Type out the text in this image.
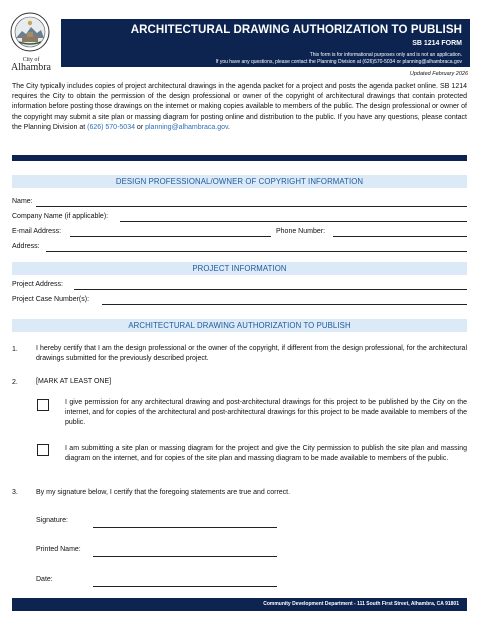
City of
Alhambra
ARCHITECTURAL DRAWING AUTHORIZATION TO PUBLISH
SB 1214 FORM
This form is for informational purposes only and is not an application.
If you have any questions, please contact the Planning Division at (626)570-5034 or planning@alhambraca.gov
Updated February 2026
The City typically includes copies of project architectural drawings in the agenda packet for a project and posts the agenda packet online. SB 1214 requires the City to obtain the permission of the design professional or owner of the copyright of architectural drawings that contain protected information before posting those drawings on the internet or making copies available to members of the public. The design professional or owner of the copyright may submit a site plan or massing diagram for posting online and distribution to the public. If you have any questions, please contact the Planning Division at (626) 570-5034 or planning@alhambraca.gov.
DESIGN PROFESSIONAL/OWNER OF COPYRIGHT INFORMATION
Name:
Company Name (if applicable):
E-mail Address:	Phone Number:
Address:
PROJECT INFORMATION
Project Address:
Project Case Number(s):
ARCHITECTURAL DRAWING AUTHORIZATION TO PUBLISH
1.	I hereby certify that I am the design professional or the owner of the copyright, if different from the design professional, for the architectural drawings submitted for the previously described project.
2.	[MARK AT LEAST ONE]
I give permission for any architectural drawing and post-architectural drawings for this project to be published by the City on the internet, and for copies of the architectural and post-architectural drawings for this project to be made available to members of the public.
I am submitting a site plan or massing diagram for the project and give the City permission to publish the site plan and massing diagram on the internet, and for copies of the site plan and massing diagram to be made available to members of the public.
3.	By my signature below, I certify that the foregoing statements are true and correct.
Signature:
Printed Name:
Date:
Community Development Department - 111 South First Street, Alhambra, CA 91801
